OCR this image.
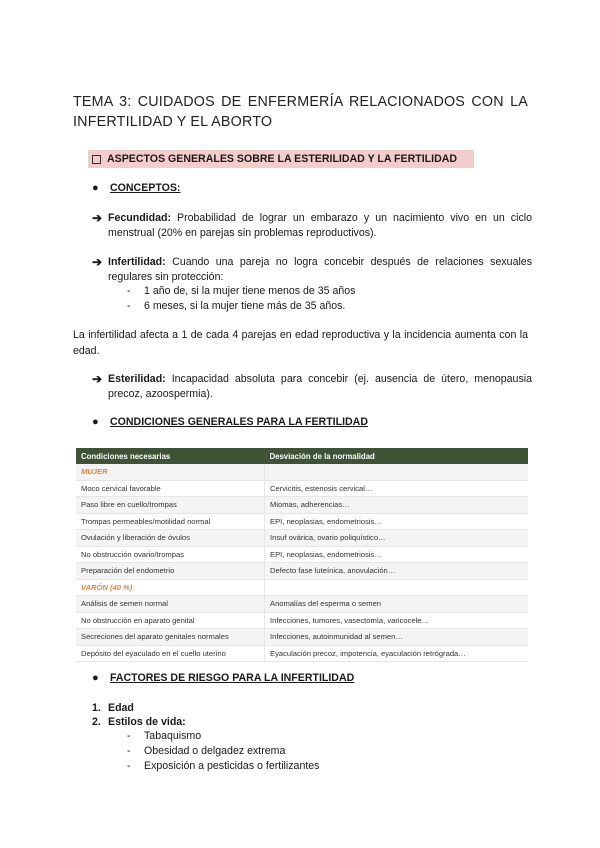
TEMA 3: CUIDADOS DE ENFERMERÍA RELACIONADOS CON LA INFERTILIDAD Y EL ABORTO
ASPECTOS GENERALES SOBRE LA ESTERILIDAD Y LA FERTILIDAD
● CONCEPTOS:
➔ Fecundidad: Probabilidad de lograr un embarazo y un nacimiento vivo en un ciclo menstrual (20% en parejas sin problemas reproductivos).
➔ Infertilidad: Cuando una pareja no logra concebir después de relaciones sexuales regulares sin protección:
- 1 año de, si la mujer tiene menos de 35 años
- 6 meses, si la mujer tiene más de 35 años.
La infertilidad afecta a 1 de cada 4 parejas en edad reproductiva y la incidencia aumenta con la edad.
➔ Esterilidad: Incapacidad absoluta para concebir (ej. ausencia de útero, menopausia precoz, azoospermia).
● CONDICIONES GENERALES PARA LA FERTILIDAD
Condiciones necesarias	Desviación de la normalidad
MUJER	
Moco cervical favorable	Cervicitis, estenosis cervical…
Paso libre en cuello/trompas	Miomas, adherencias…
Trompas permeables/motilidad normal	EPI, neoplasias, endometriosis…
Ovulación y liberación de óvulos	Insuf ovárica, ovario poliquístico…
No obstrucción ovario/trompas	EPI, neoplasias, endometriosis…
Preparación del endometrio	Defecto fase luteínica, anovulación…
VARÓN (40 %)	
Análisis de semen normal	Anomalías del esperma o semen
No obstrucción en aparato genital	Infecciones, tumores, vasectomía, varicocele…
Secreciones del aparato genitales normales	Infecciones, autoinmunidad al semen…
Depósito del eyaculado en el cuello uterino	Eyaculación precoz, impotencia, eyaculación retrógrada…
● FACTORES DE RIESGO PARA LA INFERTILIDAD
1. Edad
2. Estilos de vida:
- Tabaquismo
- Obesidad o delgadez extrema
- Exposición a pesticidas o fertilizantes
